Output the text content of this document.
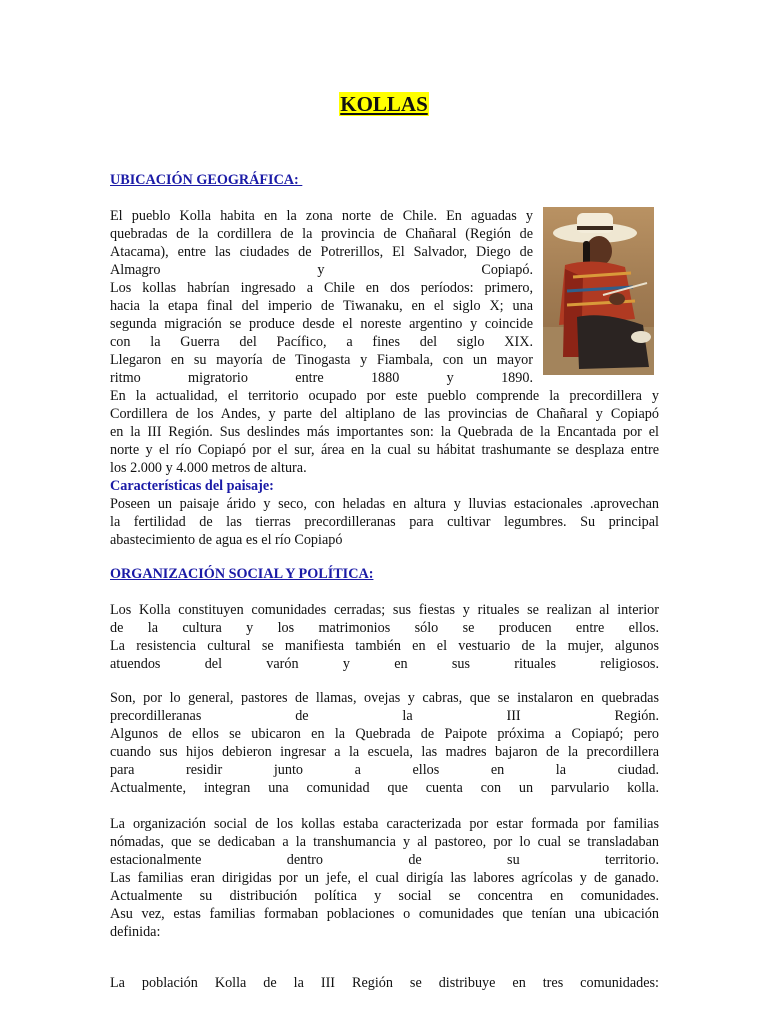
KOLLAS
UBICACIÓN GEOGRÁFICA:

El pueblo Kolla habita en la zona norte de Chile. En aguadas y

quebradas de la cordillera de la provincia de Chañaral (Región de

Atacama), entre las ciudades de Potrerillos, El Salvador, Diego de

Almagro y Copiapó.

Los kollas habrían ingresado a Chile en dos períodos: primero,

hacia la etapa final del imperio de Tiwanaku, en el siglo X; una

segunda migración se produce desde el noreste argentino y coincide

con la Guerra del Pacífico, a fines del siglo XIX.

Llegaron en su mayoría de Tinogasta y Fiambala, con un mayor

ritmo migratorio entre 1880 y 1890.

En la actualidad, el territorio ocupado por este pueblo comprende la precordillera y

Cordillera de los Andes, y parte del altiplano de las provincias de Chañaral y Copiapó

en la III Región. Sus deslindes más importantes son: la Quebrada de la Encantada por el

norte y el río Copiapó por el sur, área en la cual su hábitat trashumante se desplaza entre

los 2.000 y 4.000 metros de altura.

Características del paisaje:

Poseen un paisaje árido y seco, con heladas en altura y lluvias estacionales .aprovechan

la fertilidad de las tierras precordilleranas para cultivar legumbres. Su principal

abastecimiento de agua es el río Copiapó

ORGANIZACIÓN SOCIAL Y POLÍTICA:

Los Kolla constituyen comunidades cerradas; sus fiestas y rituales se realizan al interior

de la cultura y los matrimonios sólo se producen entre ellos.

La resistencia cultural se manifiesta también en el vestuario de la mujer, algunos

atuendos del varón y en sus rituales religiosos.

Son, por lo general, pastores de llamas, ovejas y cabras, que se instalaron en quebradas

precordilleranas de la III Región.

Algunos de ellos se ubicaron en la Quebrada de Paipote próxima a Copiapó; pero

cuando sus hijos debieron ingresar a la escuela, las madres bajaron de la precordillera

para residir junto a ellos en la ciudad.

Actualmente, integran una comunidad que cuenta con un parvulario kolla.

La organización social de los kollas estaba caracterizada por estar formada por familias

nómadas, que se dedicaban a la transhumancia y al pastoreo, por lo cual se transladaban

estacionalmente dentro de su territorio.

Las familias eran dirigidas por un jefe, el cual dirigía las labores agrícolas y de ganado.

Actualmente su distribución política y social se concentra en comunidades.

Asu vez, estas familias formaban poblaciones o comunidades que tenían una ubicación

definida:

La población Kolla de la III Región se distribuye en tres comunidades:
